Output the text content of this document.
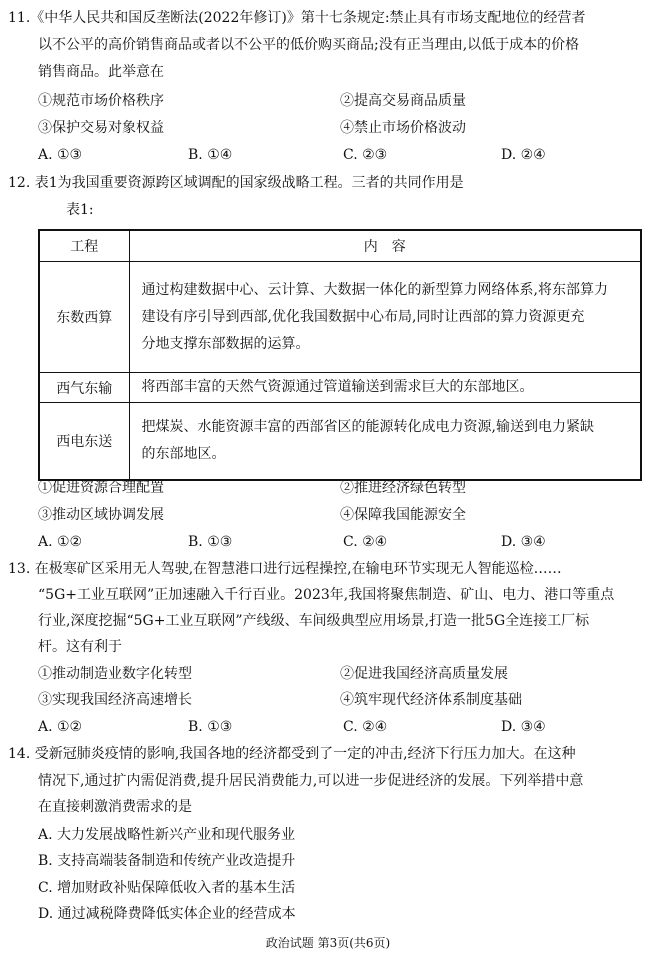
11.《中华人民共和国反垄断法(2022年修订)》第十七条规定:禁止具有市场支配地位的经营者
以不公平的高价销售商品或者以不公平的低价购买商品;没有正当理由,以低于成本的价格
销售商品。此举意在
①规范市场价格秩序	②提高交易商品质量
③保护交易对象权益	④禁止市场价格波动
A. ①③	B. ①④	C. ②③	D. ②④
12. 表1为我国重要资源跨区域调配的国家级战略工程。三者的共同作用是
表1:
工程	内　容
东数西算	通过构建数据中心、云计算、大数据一体化的新型算力网络体系,将东部算力
建设有序引导到西部,优化我国数据中心布局,同时让西部的算力资源更充
分地支撑东部数据的运算。

西气东输	将西部丰富的天然气资源通过管道输送到需求巨大的东部地区。

西电东送	把煤炭、水能资源丰富的西部省区的能源转化成电力资源,输送到电力紧缺
的东部地区。
①促进资源合理配置	②推进经济绿色转型
③推动区域协调发展	④保障我国能源安全
A. ①②	B. ①③	C. ②④	D. ③④
13. 在极寒矿区采用无人驾驶,在智慧港口进行远程操控,在输电环节实现无人智能巡检……
“5G+工业互联网”正加速融入千行百业。2023年,我国将聚焦制造、矿山、电力、港口等重点
行业,深度挖掘“5G+工业互联网”产线级、车间级典型应用场景,打造一批5G全连接工厂标
杆。这有利于
①推动制造业数字化转型	②促进我国经济高质量发展
③实现我国经济高速增长	④筑牢现代经济体系制度基础
A. ①②	B. ①③	C. ②④	D. ③④
14. 受新冠肺炎疫情的影响,我国各地的经济都受到了一定的冲击,经济下行压力加大。在这种
情况下,通过扩内需促消费,提升居民消费能力,可以进一步促进经济的发展。下列举措中意
在直接刺激消费需求的是
A. 大力发展战略性新兴产业和现代服务业
B. 支持高端装备制造和传统产业改造提升
C. 增加财政补贴保障低收入者的基本生活
D. 通过减税降费降低实体企业的经营成本
政治试题 第3页(共6页)
